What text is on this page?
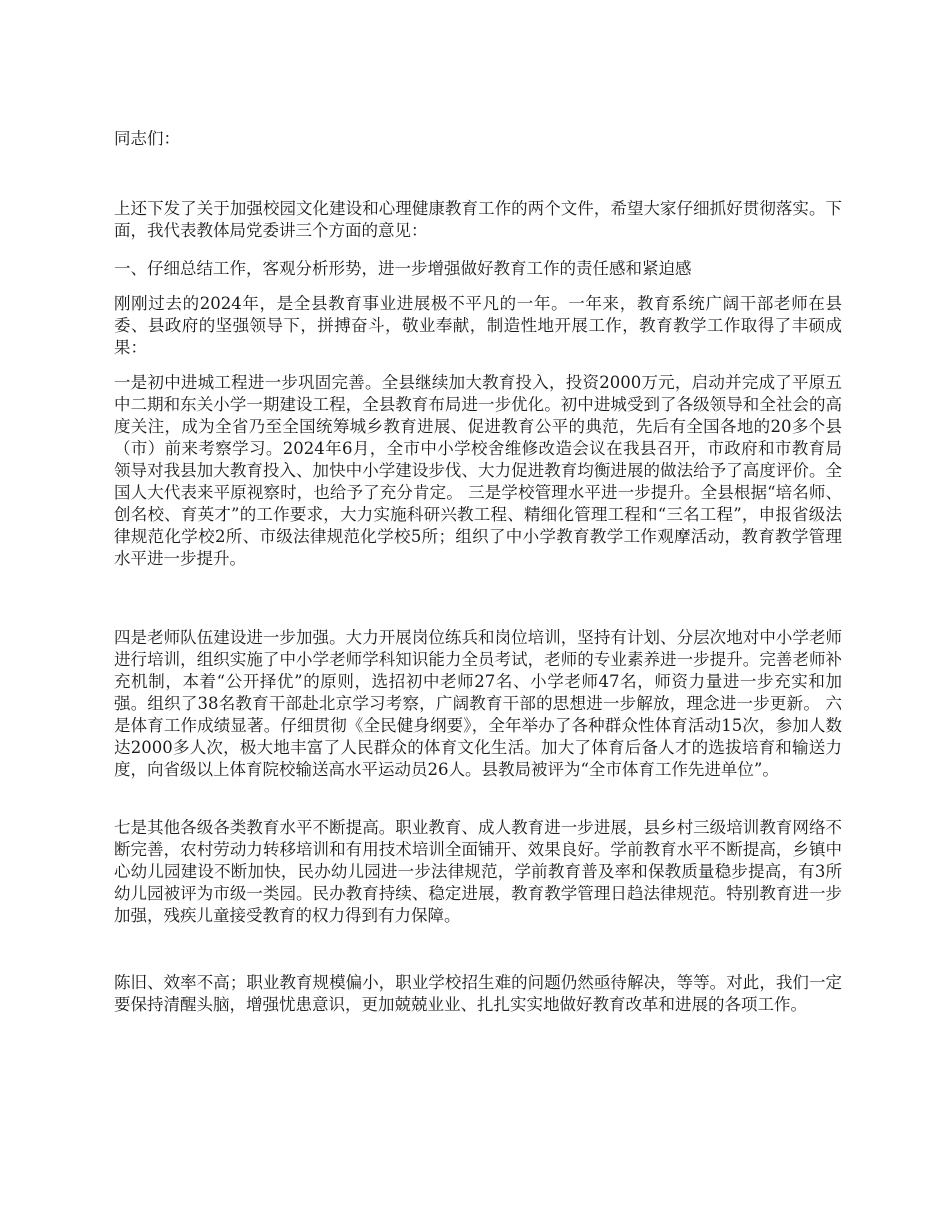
同志们：

上还下发了关于加强校园文化建设和心理健康教育工作的两个文件，希望大家仔细抓好贯彻落实。下面，我代表教体局党委讲三个方面的意见：

一、仔细总结工作，客观分析形势，进一步增强做好教育工作的责任感和紧迫感

刚刚过去的2024年，是全县教育事业进展极不平凡的一年。一年来，教育系统广阔干部老师在县委、县政府的坚强领导下，拼搏奋斗，敬业奉献，制造性地开展工作，教育教学工作取得了丰硕成果：

一是初中进城工程进一步巩固完善。全县继续加大教育投入，投资2000万元，启动并完成了平原五中二期和东关小学一期建设工程，全县教育布局进一步优化。初中进城受到了各级领导和全社会的高度关注，成为全省乃至全国统筹城乡教育进展、促进教育公平的典范，先后有全国各地的20多个县（市）前来考察学习。2024年6月，全市中小学校舍维修改造会议在我县召开，市政府和市教育局领导对我县加大教育投入、加快中小学建设步伐、大力促进教育均衡进展的做法给予了高度评价。全国人大代表来平原视察时，也给予了充分肯定。 三是学校管理水平进一步提升。全县根据“培名师、创名校、育英才”的工作要求，大力实施科研兴教工程、精细化管理工程和“三名工程”，申报省级法律规范化学校2所、市级法律规范化学校5所；组织了中小学教育教学工作观摩活动，教育教学管理水平进一步提升。

四是老师队伍建设进一步加强。大力开展岗位练兵和岗位培训，坚持有计划、分层次地对中小学老师进行培训，组织实施了中小学老师学科知识能力全员考试，老师的专业素养进一步提升。完善老师补充机制，本着“公开择优”的原则，选招初中老师27名、小学老师47名，师资力量进一步充实和加强。组织了38名教育干部赴北京学习考察，广阔教育干部的思想进一步解放，理念进一步更新。 六是体育工作成绩显著。仔细贯彻《全民健身纲要》，全年举办了各种群众性体育活动15次，参加人数达2000多人次，极大地丰富了人民群众的体育文化生活。加大了体育后备人才的选拔培育和输送力度，向省级以上体育院校输送高水平运动员26人。县教局被评为“全市体育工作先进单位”。

七是其他各级各类教育水平不断提高。职业教育、成人教育进一步进展，县乡村三级培训教育网络不断完善，农村劳动力转移培训和有用技术培训全面铺开、效果良好。学前教育水平不断提高，乡镇中心幼儿园建设不断加快，民办幼儿园进一步法律规范，学前教育普及率和保教质量稳步提高，有3所幼儿园被评为市级一类园。民办教育持续、稳定进展，教育教学管理日趋法律规范。特别教育进一步加强，残疾儿童接受教育的权力得到有力保障。

陈旧、效率不高；职业教育规模偏小，职业学校招生难的问题仍然亟待解决，等等。对此，我们一定要保持清醒头脑，增强忧患意识，更加兢兢业业、扎扎实实地做好教育改革和进展的各项工作。
